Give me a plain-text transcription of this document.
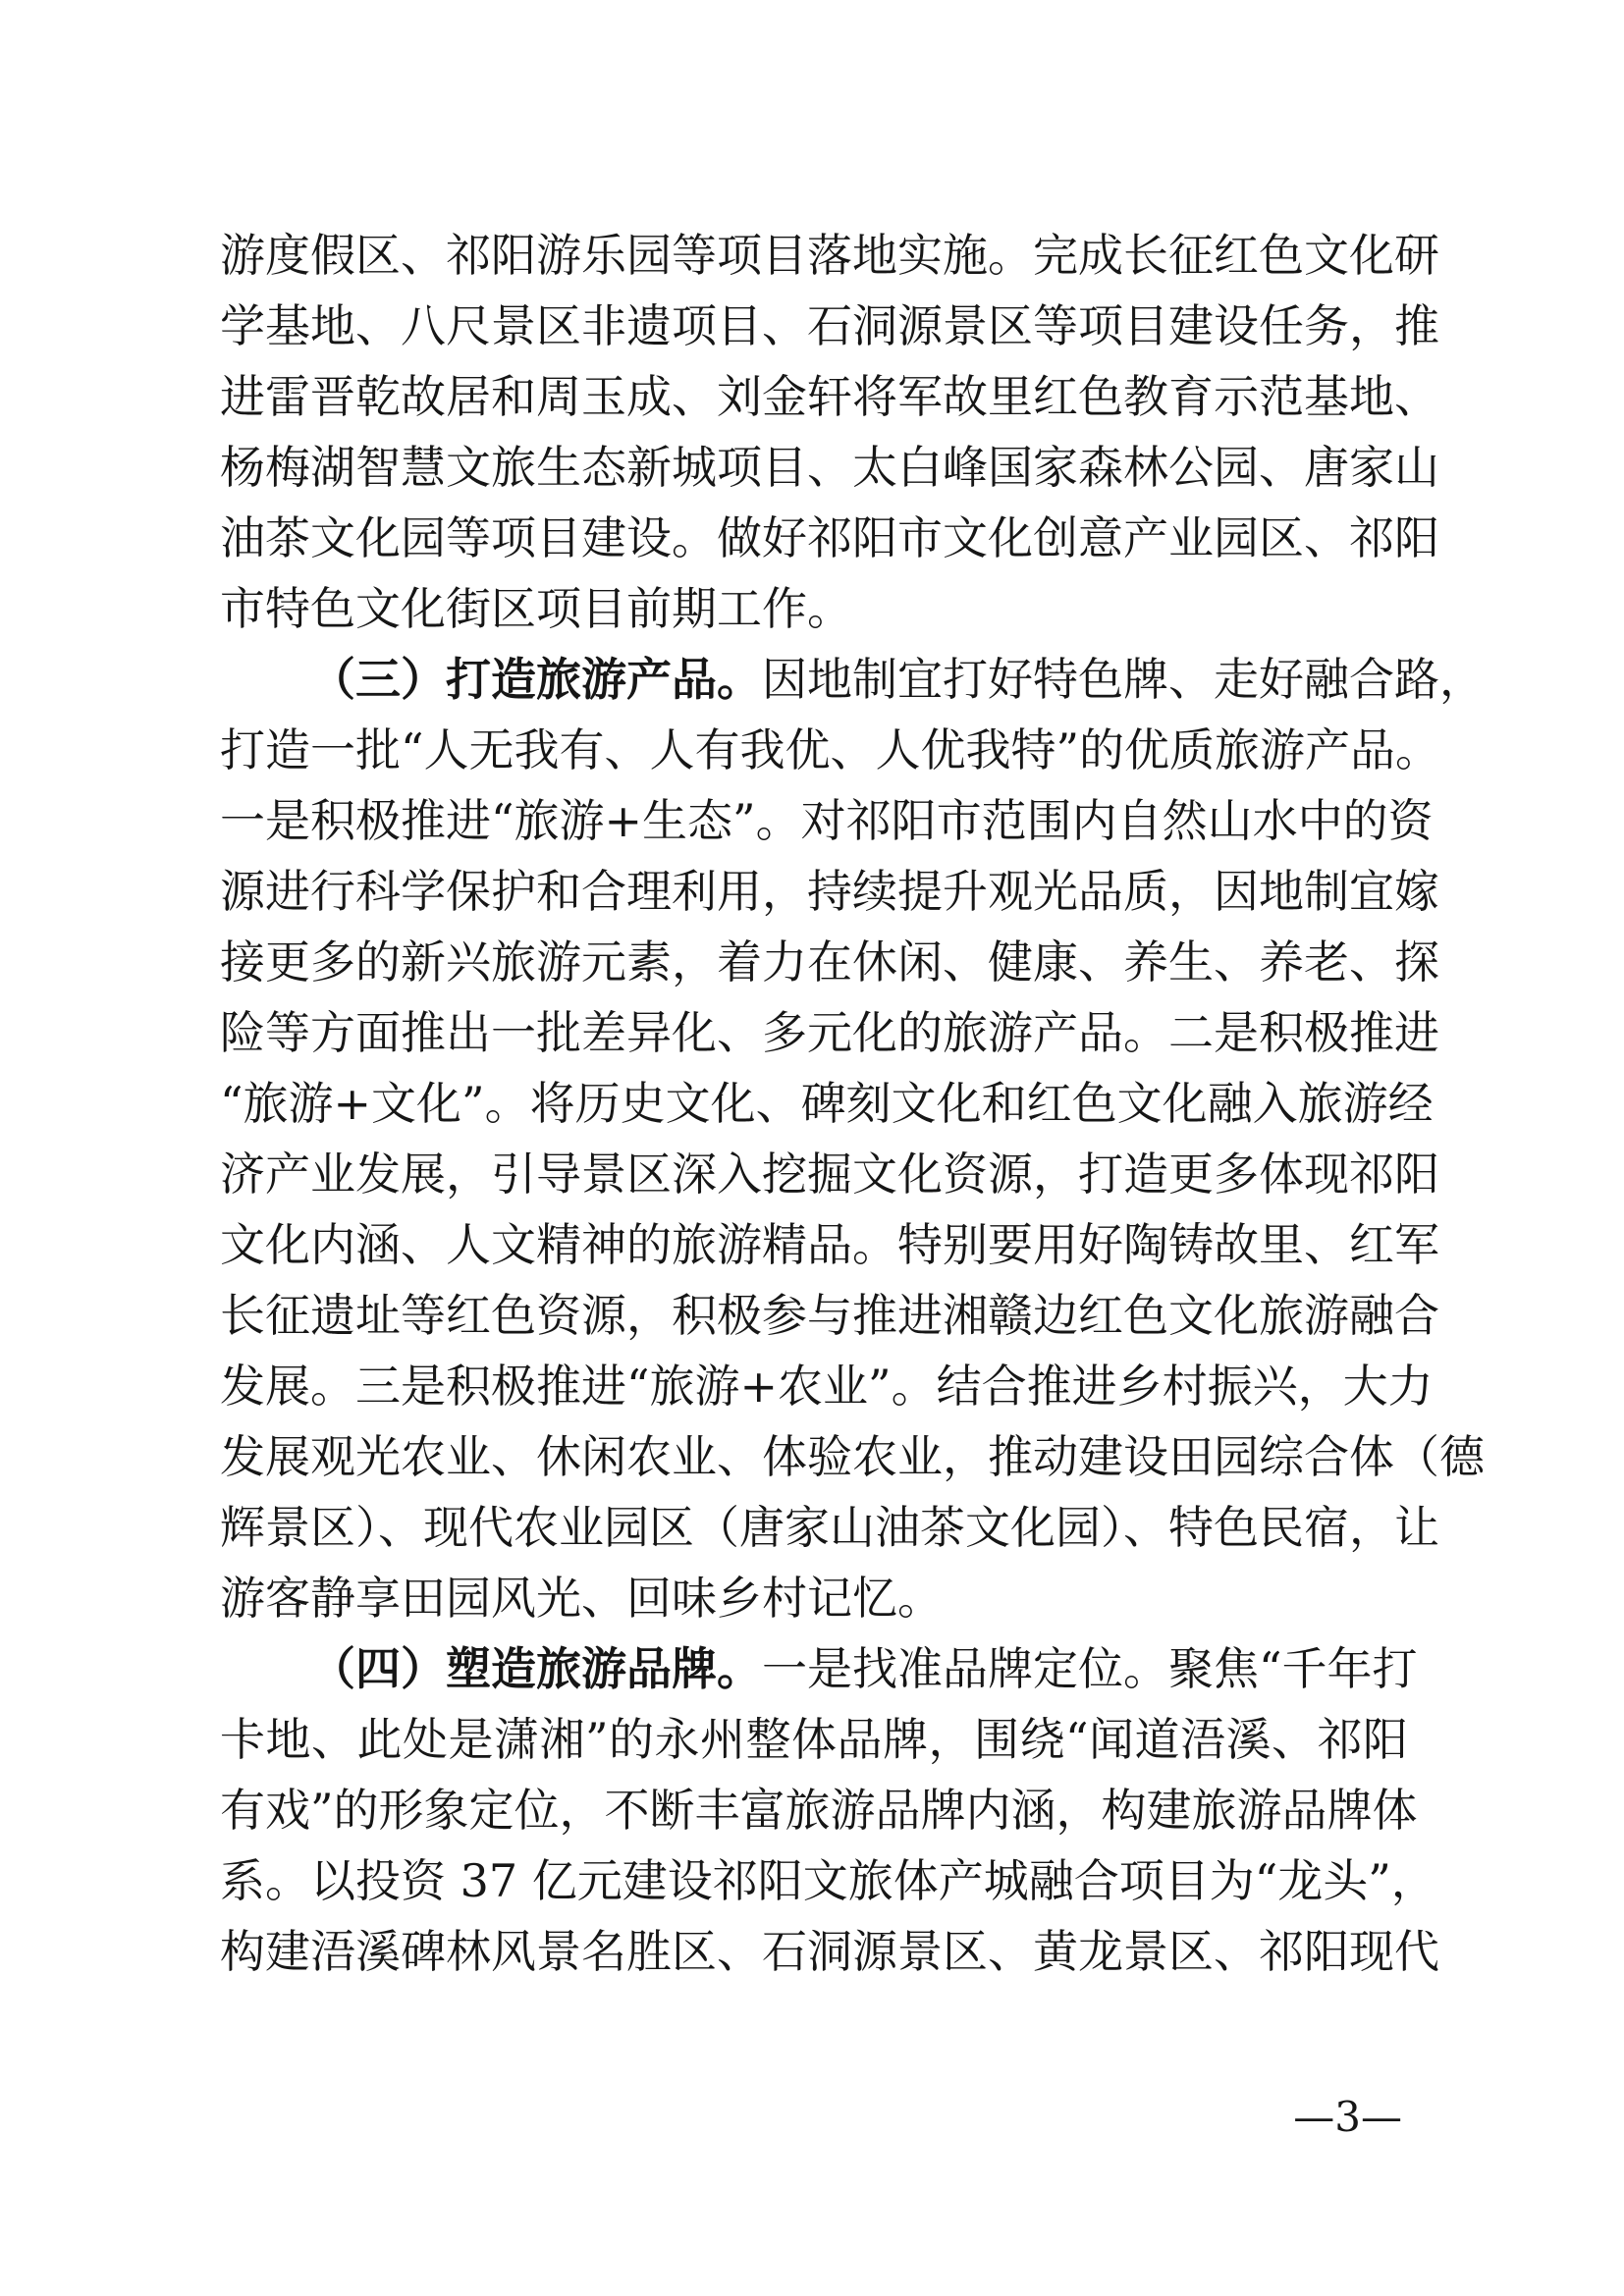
游度假区、祁阳游乐园等项目落地实施。完成长征红色文化研
学基地、八尺景区非遗项目、石洞源景区等项目建设任务，推
进雷晋乾故居和周玉成、刘金轩将军故里红色教育示范基地、
杨梅湖智慧文旅生态新城项目、太白峰国家森林公园、唐家山
油茶文化园等项目建设。做好祁阳市文化创意产业园区、祁阳
市特色文化街区项目前期工作。
（三）打造旅游产品。因地制宜打好特色牌、走好融合路，
打造一批“人无我有、人有我优、人优我特”的优质旅游产品。
一是积极推进“旅游+生态”。对祁阳市范围内自然山水中的资
源进行科学保护和合理利用，持续提升观光品质，因地制宜嫁
接更多的新兴旅游元素，着力在休闲、健康、养生、养老、探
险等方面推出一批差异化、多元化的旅游产品。二是积极推进
“旅游+文化”。将历史文化、碑刻文化和红色文化融入旅游经
济产业发展，引导景区深入挖掘文化资源，打造更多体现祁阳
文化内涵、人文精神的旅游精品。特别要用好陶铸故里、红军
长征遗址等红色资源，积极参与推进湘赣边红色文化旅游融合
发展。三是积极推进“旅游+农业”。结合推进乡村振兴，大力
发展观光农业、休闲农业、体验农业，推动建设田园综合体（德
辉景区）、现代农业园区（唐家山油茶文化园）、特色民宿，让
游客静享田园风光、回味乡村记忆。
（四）塑造旅游品牌。一是找准品牌定位。聚焦“千年打
卡地、此处是潇湘”的永州整体品牌，围绕“闻道浯溪、祁阳
有戏”的形象定位，不断丰富旅游品牌内涵，构建旅游品牌体
系。以投资 37 亿元建设祁阳文旅体产城融合项目为“龙头”，
构建浯溪碑林风景名胜区、石洞源景区、黄龙景区、祁阳现代
—3—
